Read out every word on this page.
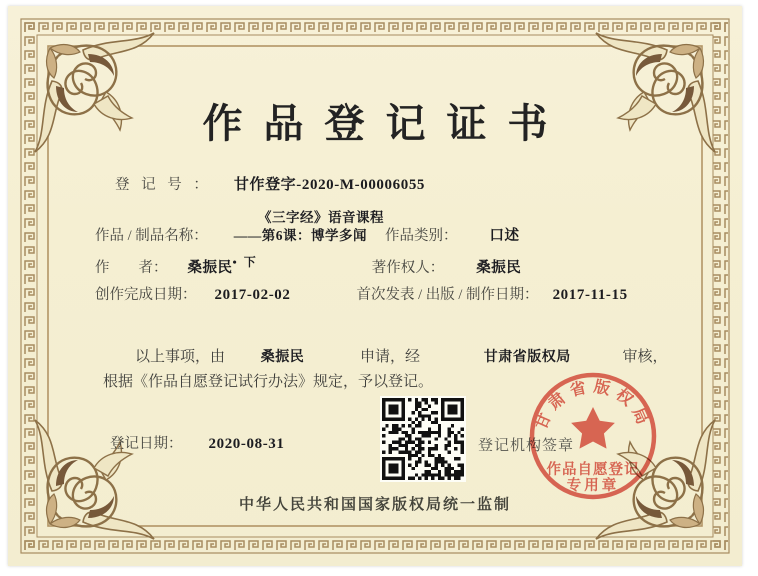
作品登记证书
登 记 号 ： 甘作登字-2020-M-00006055
《三字经》语音课程
作品 / 制品名称： ——第6课：博学多闻 作品类别： 口述
作　　者： 桑振民$^{• 下}$	著作权人： 桑振民
创作完成日期： 2017-02-02	首次发表 / 出版 / 制作日期： 2017-11-15
以上事项，由	桑振民	申请，经	甘肃省版权局	审核，
根据《作品自愿登记试行办法》规定，予以登记。
登记日期： 2020-08-31	登记机构签章
甘肃省版权局
作品自愿登记
专用章
中华人民共和国国家版权局统一监制
